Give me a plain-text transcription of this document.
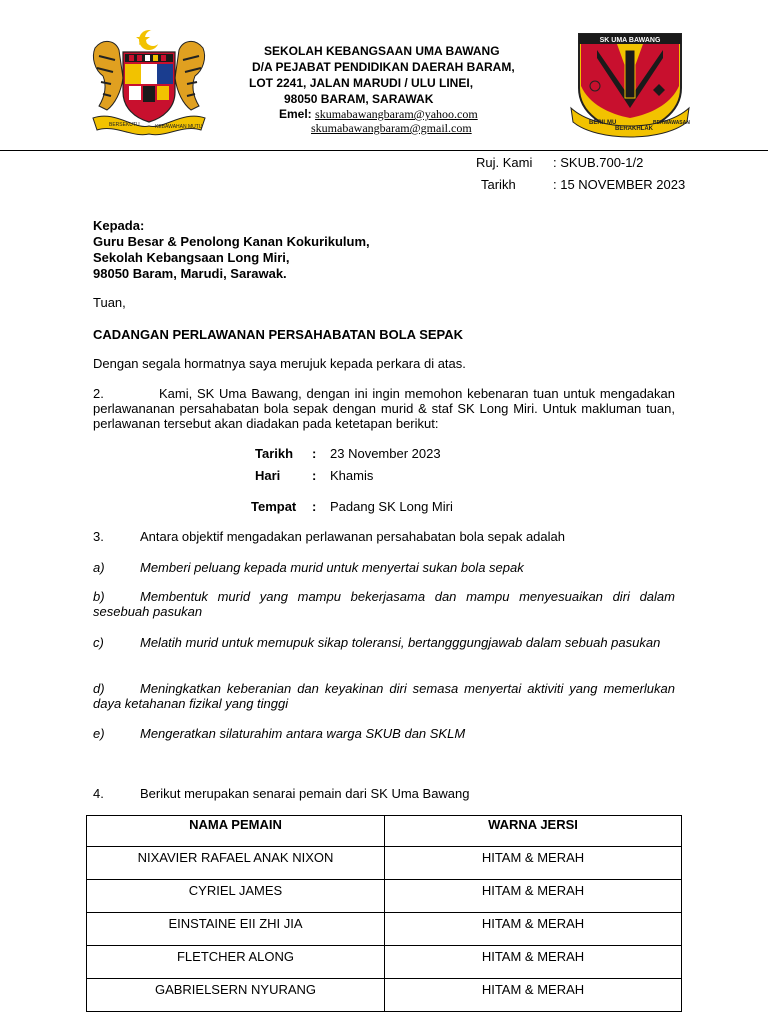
BERSEKUTU	KEBAWAHAN MUTU
SEKOLAH KEBANGSAAN UMA BAWANG
D/A PEJABAT PENDIDIKAN DAERAH BARAM,
LOT 2241, JALAN MARUDI / ULU LINEI,
98050 BARAM, SARAWAK
Emel: skumabawangbaram@yahoo.com
skumabawangbaram@gmail.com
SK UMA BAWANG
BERILMU
BERAKHLAK
BERWAWASAN
Ruj. Kami : SKUB.700-1/2
Tarikh	: 15 NOVEMBER 2023
Kepada:
Guru Besar & Penolong Kanan Kokurikulum,
Sekolah Kebangsaan Long Miri,
98050 Baram, Marudi, Sarawak.
Tuan,
CADANGAN PERLAWANAN PERSAHABATAN BOLA SEPAK
Dengan segala hormatnya saya merujuk kepada perkara di atas.
2.	Kami, SK Uma Bawang, dengan ini ingin memohon kebenaran tuan untuk mengadakan perlawananan persahabatan bola sepak dengan murid & staf SK Long Miri. Untuk makluman tuan, perlawanan tersebut akan diadakan pada ketetapan berikut:
Tarikh : 23 November 2023
Hari : Khamis
Tempat : Padang SK Long Miri
3.	Antara objektif mengadakan perlawanan persahabatan bola sepak adalah
a)	Memberi peluang kepada murid untuk menyertai sukan bola sepak
b)	Membentuk murid yang mampu bekerjasama dan mampu menyesuaikan diri dalam sesebuah pasukan
c)	Melatih murid untuk memupuk sikap toleransi, bertangggungjawab dalam sebuah pasukan
d)	Meningkatkan keberanian dan keyakinan diri semasa menyertai aktiviti yang memerlukan daya ketahanan fizikal yang tinggi
e)	Mengeratkan silaturahim antara warga SKUB dan SKLM
4.	Berikut merupakan senarai pemain dari SK Uma Bawang
NAMA PEMAIN	WARNA JERSI
NIXAVIER RAFAEL ANAK NIXON	HITAM & MERAH
CYRIEL JAMES	HITAM & MERAH
EINSTAINE EII ZHI JIA	HITAM & MERAH
FLETCHER ALONG	HITAM & MERAH
GABRIELSERN NYURANG	HITAM & MERAH
